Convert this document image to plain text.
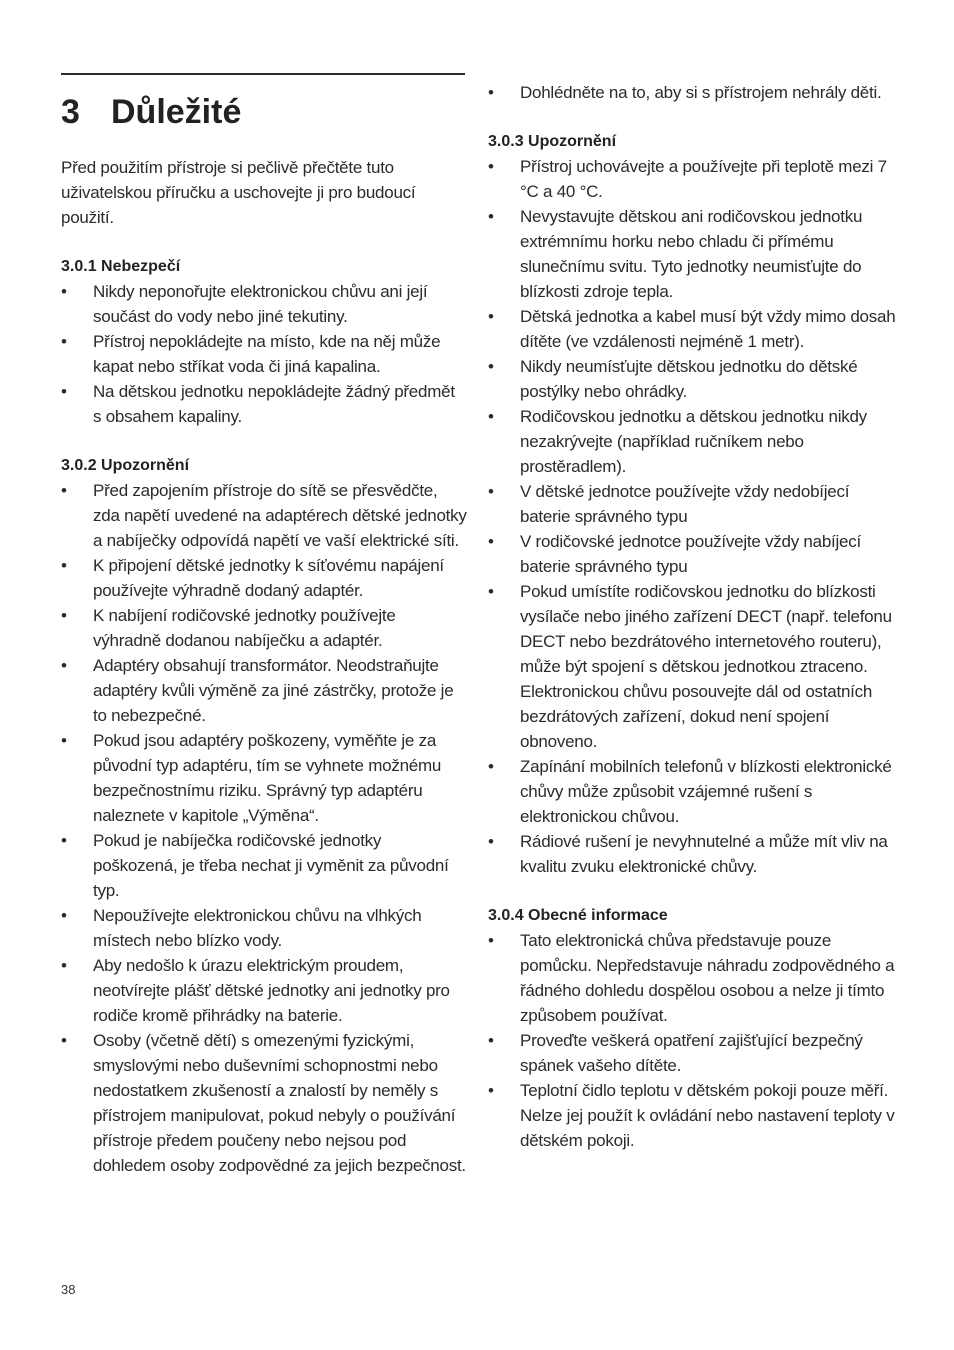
3 Důležité

Před použitím přístroje si pečlivě přečtěte tuto uživatelskou příručku a uschovejte ji pro budoucí použití.

3.0.1 Nebezpečí
• Nikdy neponořujte elektronickou chůvu ani její součást do vody nebo jiné tekutiny.
• Přístroj nepokládejte na místo, kde na něj může kapat nebo stříkat voda či jiná kapalina.
• Na dětskou jednotku nepokládejte žádný předmět s obsahem kapaliny.
3.0.2 Upozornění
• Před zapojením přístroje do sítě se přesvědčte, zda napětí uvedené na adaptérech dětské jednotky a nabíječky odpovídá napětí ve vaší elektrické síti.
• K připojení dětské jednotky k síťovému napájení používejte výhradně dodaný adaptér.
• K nabíjení rodičovské jednotky používejte výhradně dodanou nabíječku a adaptér.
• Adaptéry obsahují transformátor. Neodstraňujte adaptéry kvůli výměně za jiné zástrčky, protože je to nebezpečné.
• Pokud jsou adaptéry poškozeny, vyměňte je za původní typ adaptéru, tím se vyhnete možnému bezpečnostnímu riziku. Správný typ adaptéru naleznete v kapitole „Výměna“.
• Pokud je nabíječka rodičovské jednotky poškozená, je třeba nechat ji vyměnit za původní typ.
• Nepoužívejte elektronickou chůvu na vlhkých místech nebo blízko vody.
• Aby nedošlo k úrazu elektrickým proudem, neotvírejte plášť dětské jednotky ani jednotky pro rodiče kromě přihrádky na baterie.
• Osoby (včetně dětí) s omezenými fyzickými, smyslovými nebo duševními schopnostmi nebo nedostatkem zkušeností a znalostí by neměly s přístrojem manipulovat, pokud nebyly o používání přístroje předem poučeny nebo nejsou pod dohledem osoby zodpovědné za jejich bezpečnost.
• Dohlédněte na to, aby si s přístrojem nehrály děti.
3.0.3 Upozornění
• Přístroj uchovávejte a používejte při teplotě mezi 7 °C a 40 °C.
• Nevystavujte dětskou ani rodičovskou jednotku extrémnímu horku nebo chladu či přímému slunečnímu svitu. Tyto jednotky neumisťujte do blízkosti zdroje tepla.
• Dětská jednotka a kabel musí být vždy mimo dosah dítěte (ve vzdálenosti nejméně 1 metr).
• Nikdy neumísťujte dětskou jednotku do dětské postýlky nebo ohrádky.
• Rodičovskou jednotku a dětskou jednotku nikdy nezakrývejte (například ručníkem nebo prostěradlem).
• V dětské jednotce používejte vždy nedobíjecí baterie správného typu
• V rodičovské jednotce používejte vždy nabíjecí baterie správného typu
• Pokud umístíte rodičovskou jednotku do blízkosti vysílače nebo jiného zařízení DECT (např. telefonu DECT nebo bezdrátového internetového routeru), může být spojení s dětskou jednotkou ztraceno. Elektronickou chůvu posouvejte dál od ostatních bezdrátových zařízení, dokud není spojení obnoveno.
• Zapínání mobilních telefonů v blízkosti elektronické chůvy může způsobit vzájemné rušení s elektronickou chůvou.
• Rádiové rušení je nevyhnutelné a může mít vliv na kvalitu zvuku elektronické chůvy.
3.0.4 Obecné informace
• Tato elektronická chůva představuje pouze pomůcku. Nepředstavuje náhradu zodpovědného a řádného dohledu dospělou osobou a nelze ji tímto způsobem používat.
• Proveďte veškerá opatření zajišťující bezpečný spánek vašeho dítěte.
• Teplotní čidlo teplotu v dětském pokoji pouze měří. Nelze jej použít k ovládání nebo nastavení teploty v dětském pokoji.
38
